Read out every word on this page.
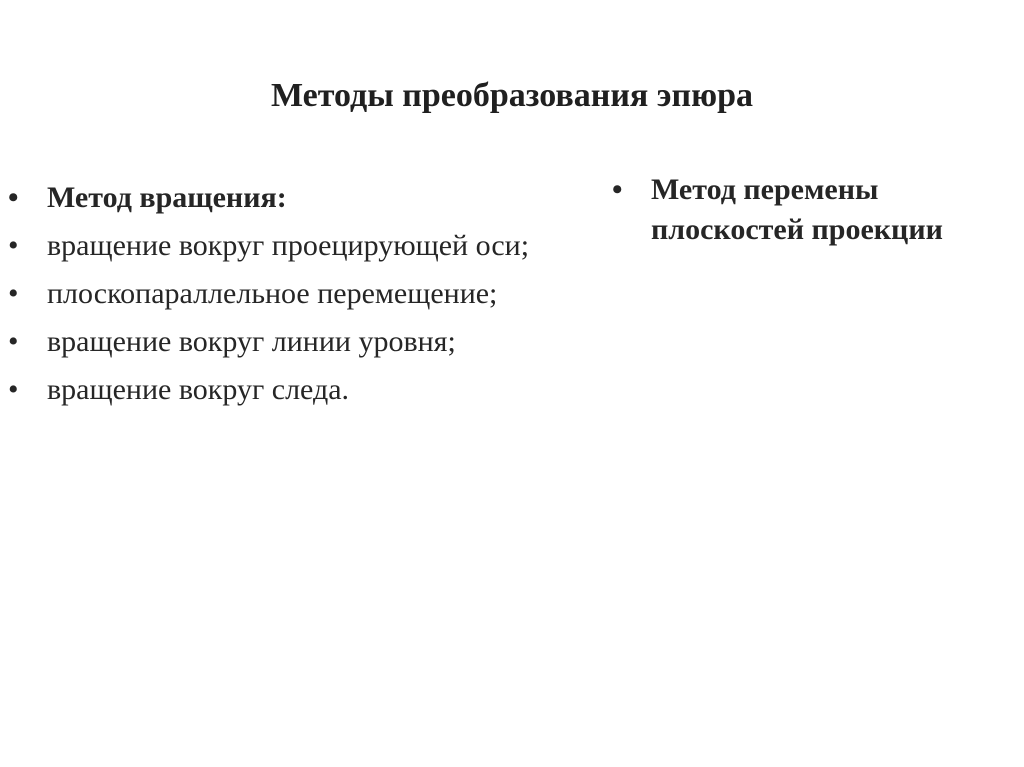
Методы преобразования эпюра
• Метод вращения:
• вращение вокруг проецирующей оси;
• плоскопараллельное перемещение;
• вращение вокруг линии уровня;
• вращение вокруг следа.
• Метод перемены плоскостей проекции
